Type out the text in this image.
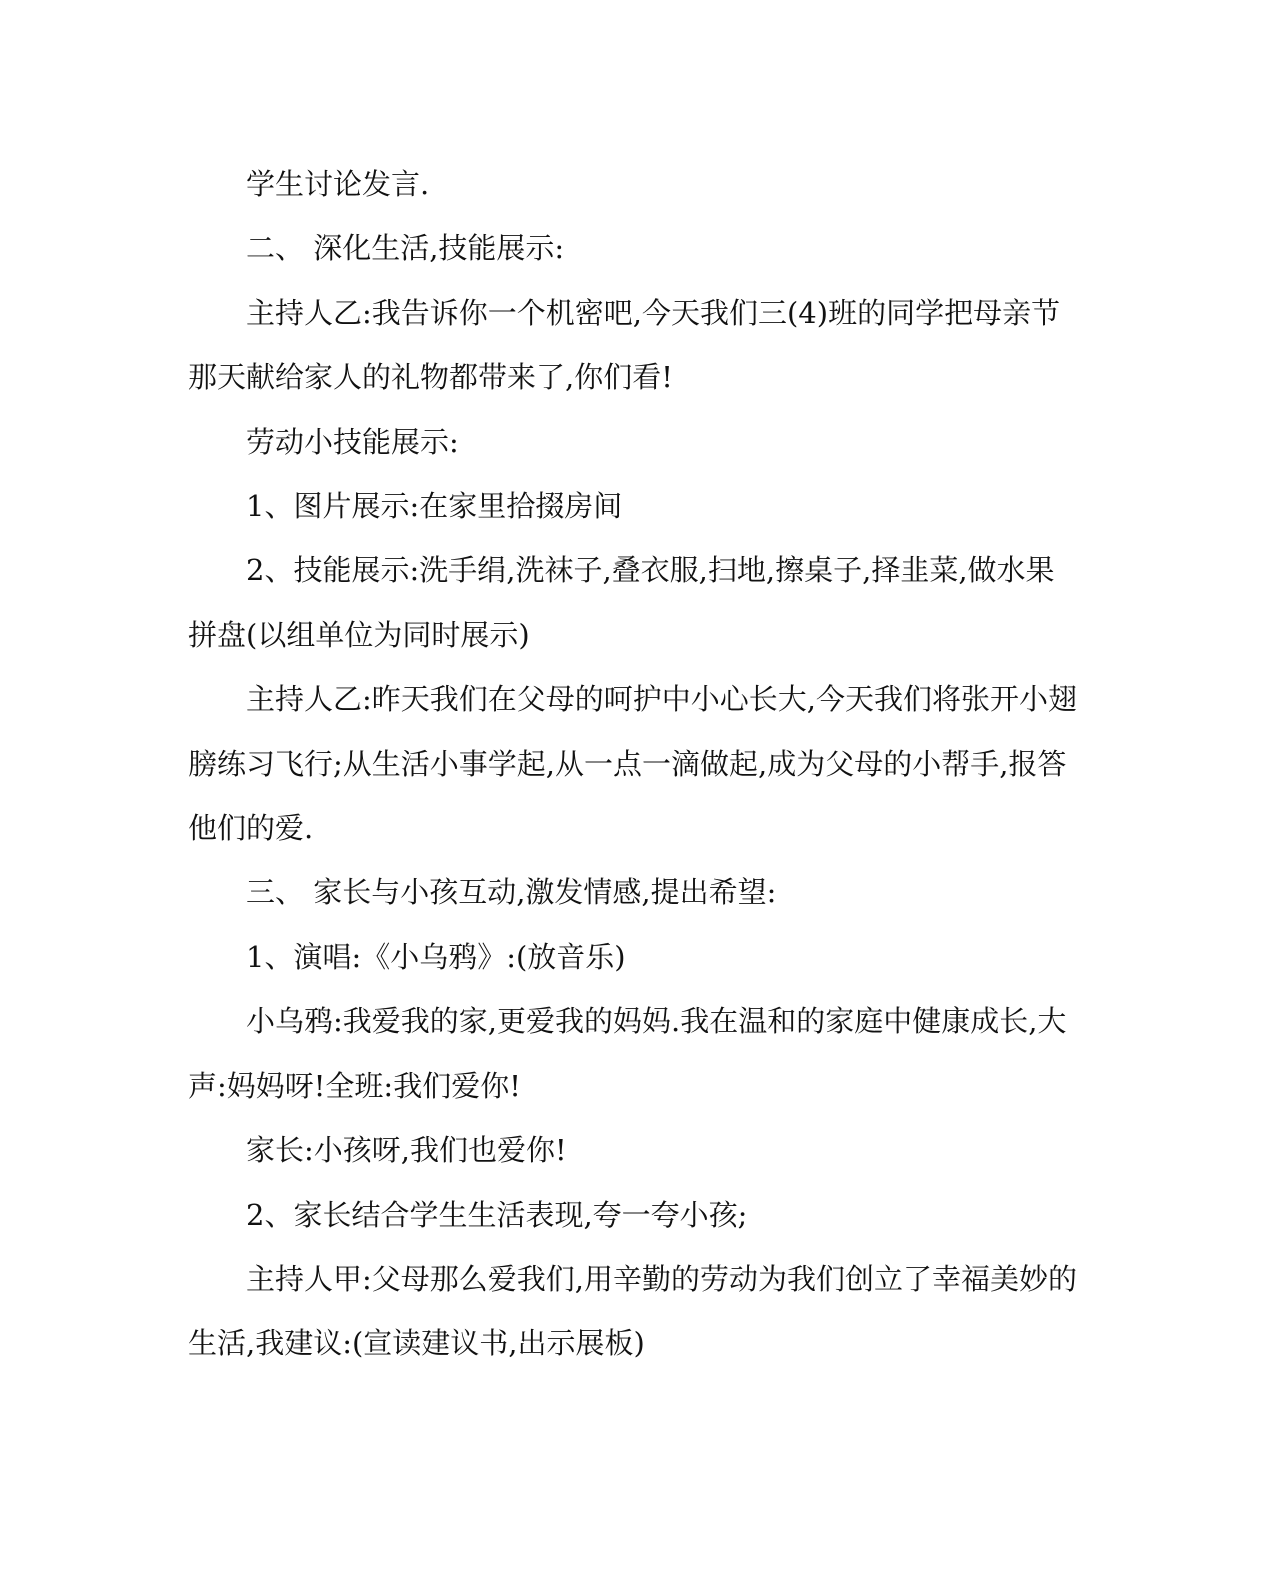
学生讨论发言.

二、 深化生活,技能展示:

主持人乙:我告诉你一个机密吧,今天我们三(4)班的同学把母亲节那天献给家人的礼物都带来了,你们看!

劳动小技能展示:

1、图片展示:在家里拾掇房间

2、技能展示:洗手绢,洗袜子,叠衣服,扫地,擦桌子,择韭菜,做水果拼盘(以组单位为同时展示)

主持人乙:昨天我们在父母的呵护中小心长大,今天我们将张开小翅膀练习飞行;从生活小事学起,从一点一滴做起,成为父母的小帮手,报答他们的爱.

三、 家长与小孩互动,激发情感,提出希望:

1、演唱:《小乌鸦》:(放音乐)

小乌鸦:我爱我的家,更爱我的妈妈.我在温和的家庭中健康成长,大声:妈妈呀!全班:我们爱你!

家长:小孩呀,我们也爱你!

2、家长结合学生生活表现,夸一夸小孩;

主持人甲:父母那么爱我们,用辛勤的劳动为我们创立了幸福美妙的生活,我建议:(宣读建议书,出示展板)
